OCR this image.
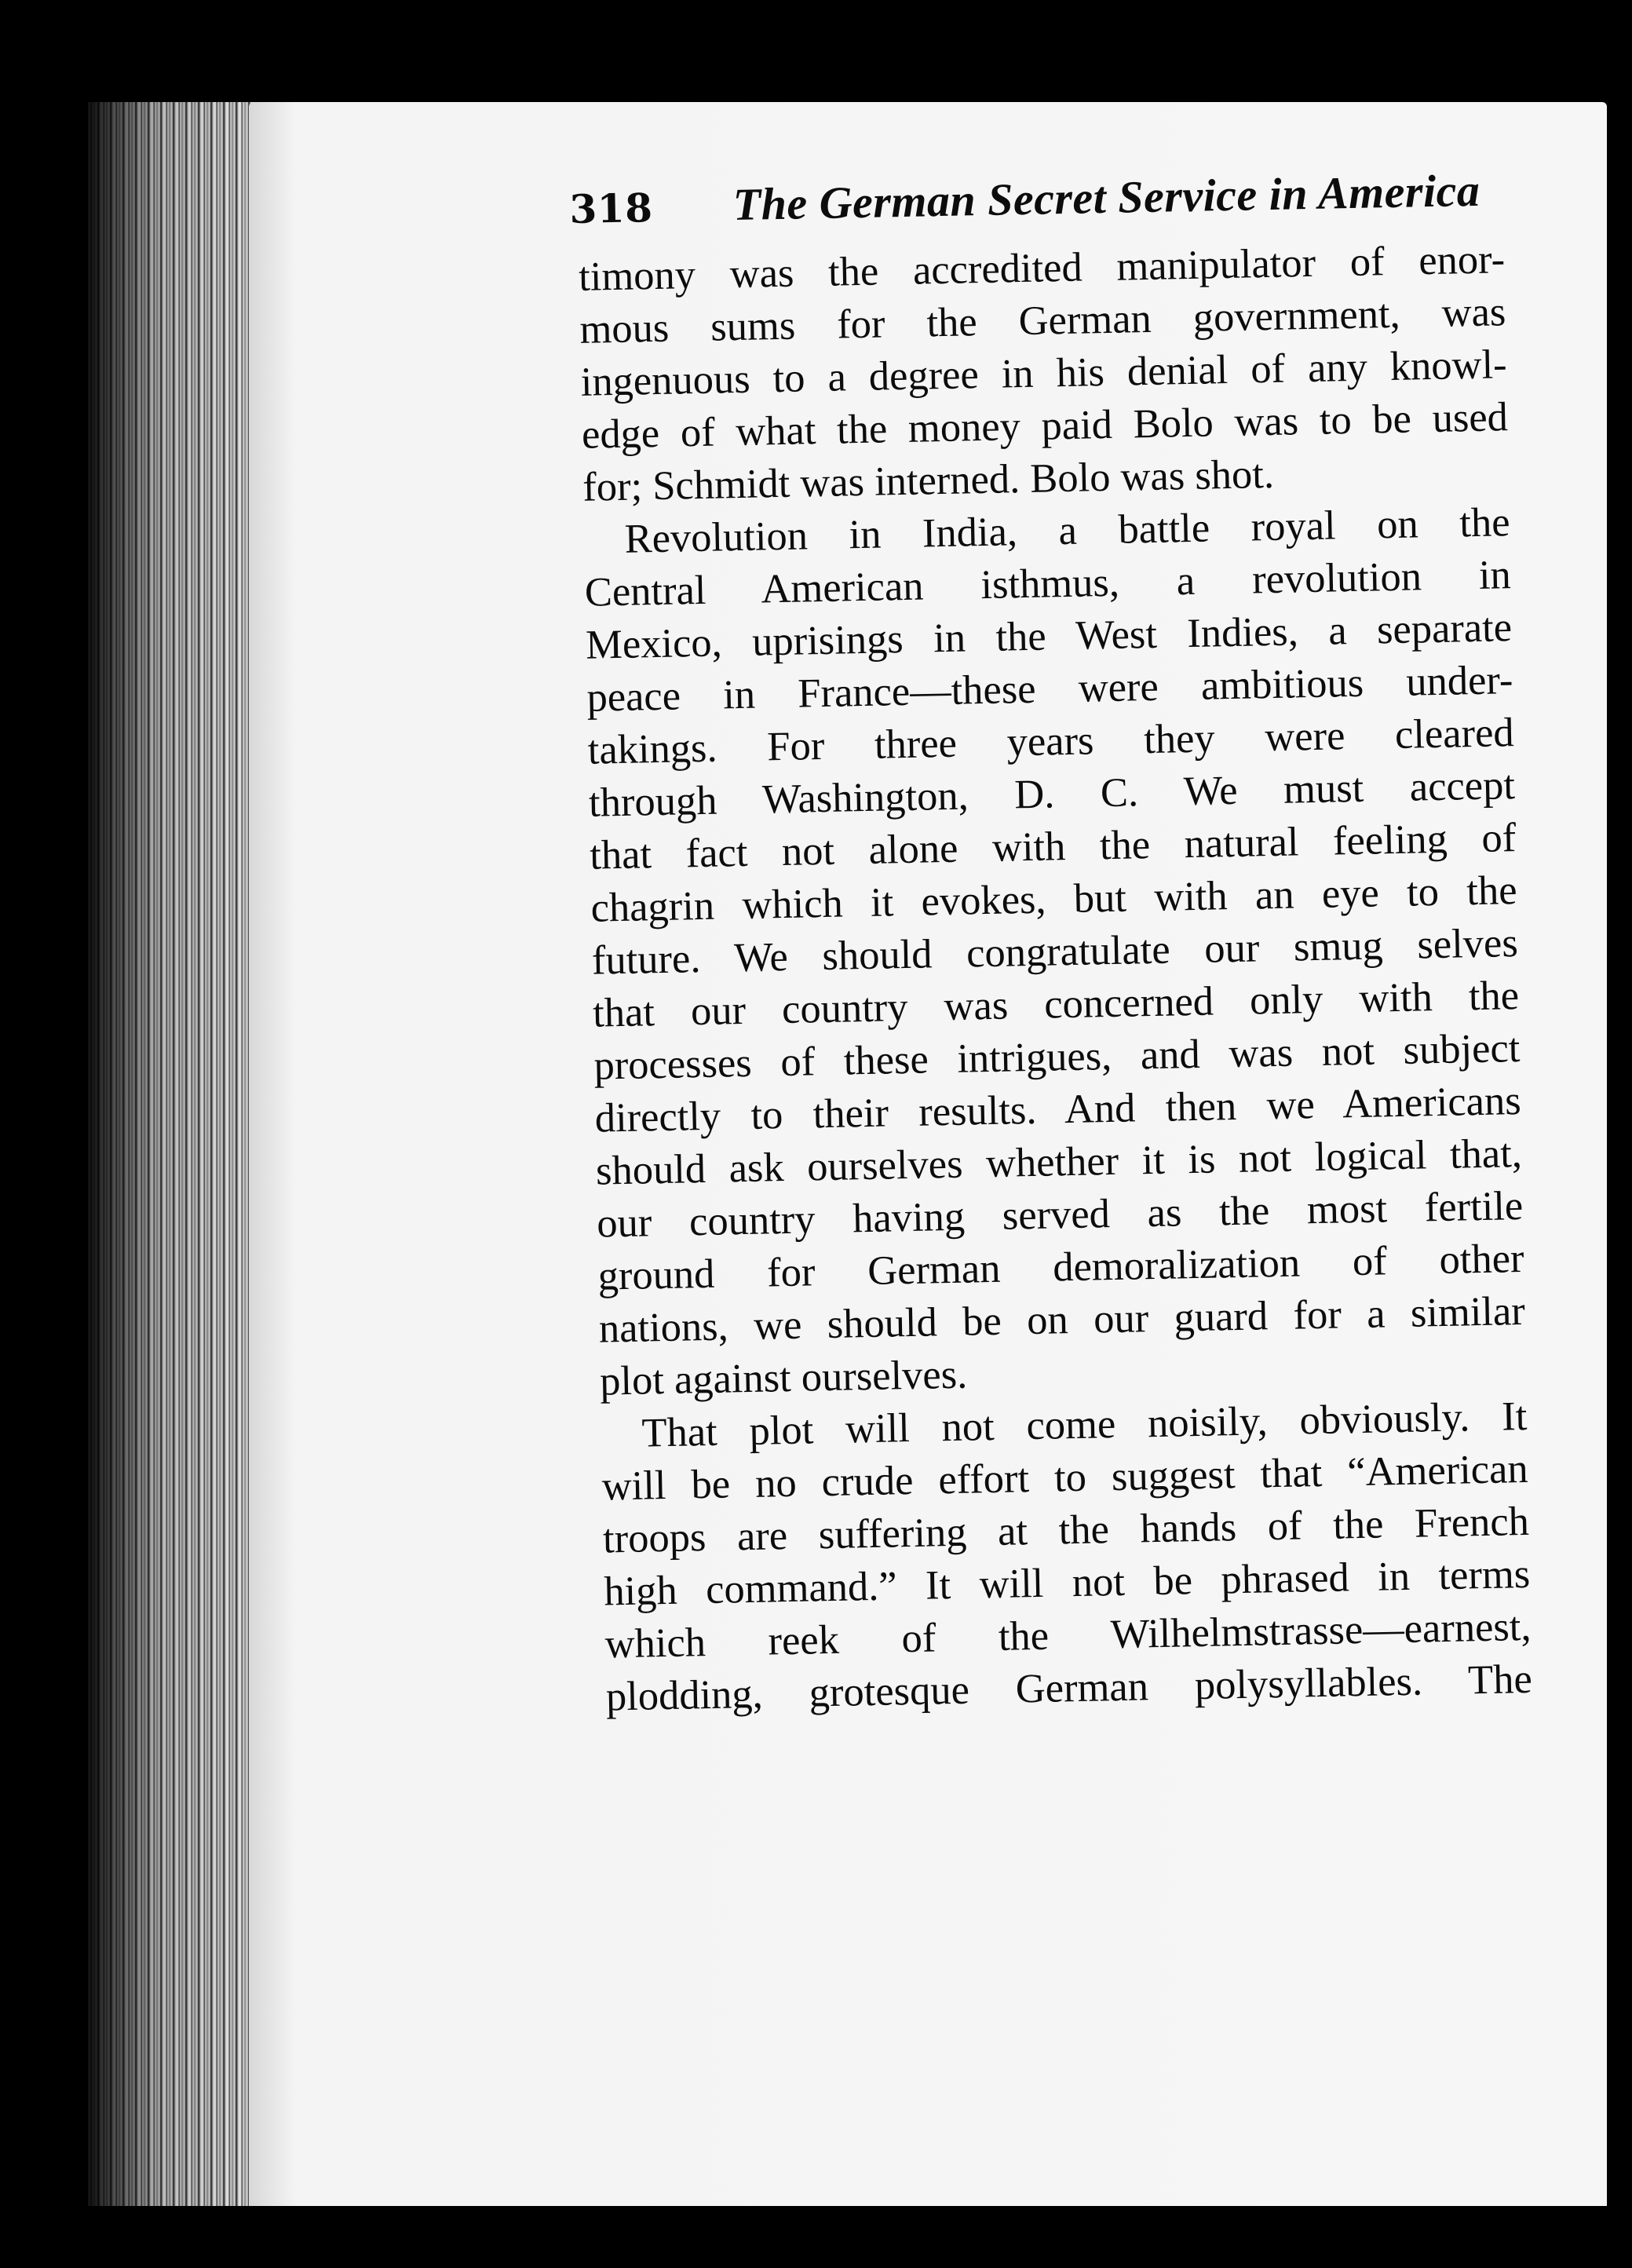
318 The German Secret Service in America

timony was the accredited manipulator of enor-
mous sums for the German government, was
ingenuous to a degree in his denial of any knowl-
edge of what the money paid Bolo was to be used
for; Schmidt was interned. Bolo was shot.

Revolution in India, a battle royal on the
Central American isthmus, a revolution in
Mexico, uprisings in the West Indies, a separate
peace in France—these were ambitious under-
takings. For three years they were cleared
through Washington, D. C. We must accept
that fact not alone with the natural feeling of
chagrin which it evokes, but with an eye to the
future. We should congratulate our smug selves
that our country was concerned only with the
processes of these intrigues, and was not subject
directly to their results. And then we Americans
should ask ourselves whether it is not logical that,
our country having served as the most fertile
ground for German demoralization of other
nations, we should be on our guard for a similar
plot against ourselves.

That plot will not come noisily, obviously. It
will be no crude effort to suggest that “American
troops are suffering at the hands of the French
high command.” It will not be phrased in terms
which reek of the Wilhelmstrasse—earnest,
plodding, grotesque German polysyllables. The
